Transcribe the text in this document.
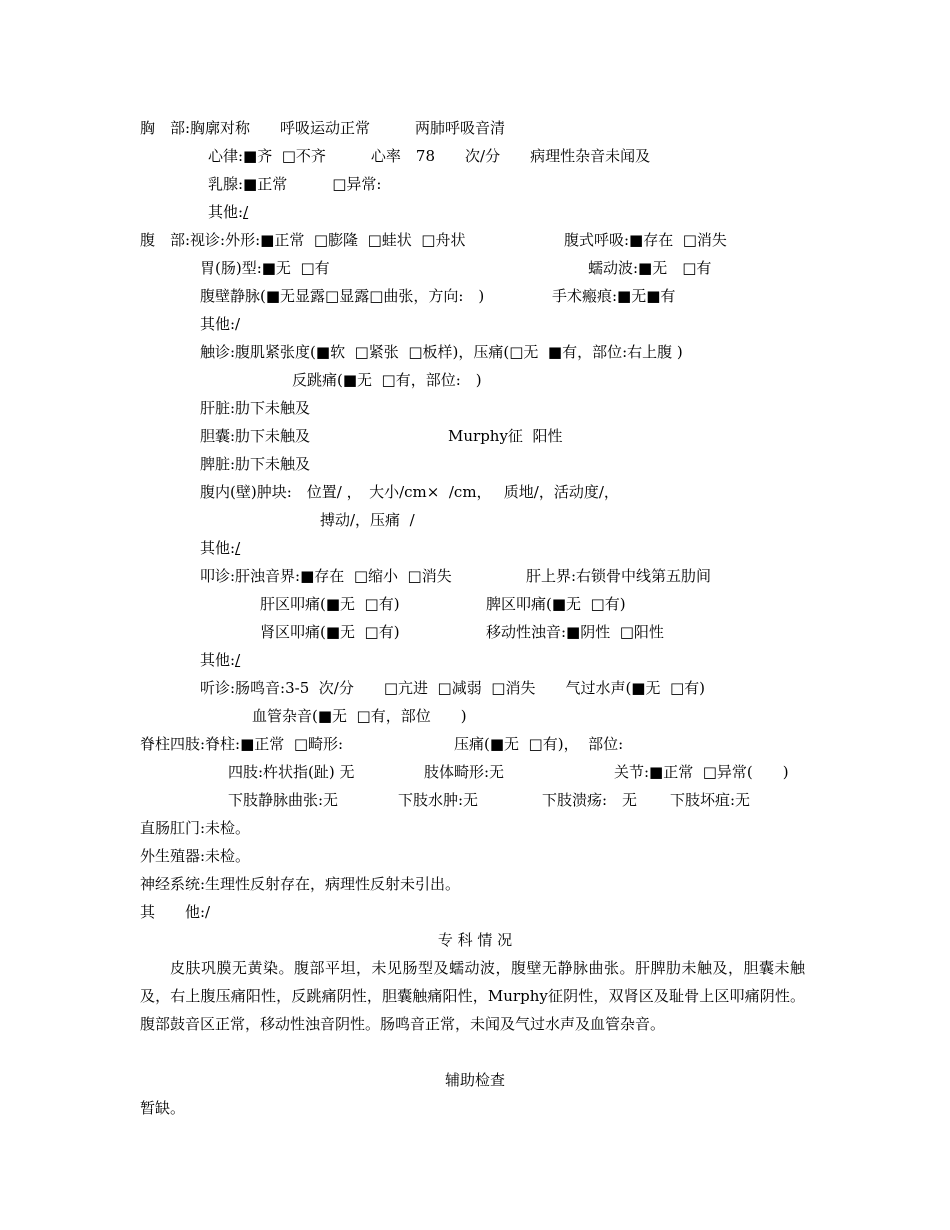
胸　部:胸廓对称　　呼吸运动正常　　　两肺呼吸音清
心律:■齐  □不齐　　　心率　78　　次/分　　病理性杂音未闻及
乳腺:■正常　　　□异常:
其他:/
腹　部:视诊:外形:■正常  □膨隆  □蛙状  □舟状	腹式呼吸:■存在  □消失
胃(肠)型:■无  □有	蠕动波:■无　□有
腹壁静脉(■无显露□显露□曲张，方向:　)	手术瘢痕:■无■有
其他:/
触诊:腹肌紧张度(■软  □紧张  □板样)，压痛(□无  ■有，部位:右上腹 )
反跳痛(■无  □有，部位:　)
肝脏:肋下未触及
胆囊:肋下未触及	Murphy征  阳性
脾脏:肋下未触及
腹内(壁)肿块:　位置/ ，　大小/cm×  /cm，　 质地/，活动度/，
搏动/，压痛  /
其他:/
叩诊:肝浊音界:■存在  □缩小  □消失	肝上界:右锁骨中线第五肋间
肝区叩痛(■无  □有)	脾区叩痛(■无  □有)
肾区叩痛(■无  □有)	移动性浊音:■阴性  □阳性
其他:/
听诊:肠鸣音:3-5  次/分　　□亢进  □减弱  □消失　　气过水声(■无  □有)
血管杂音(■无  □有，部位　　)
脊柱四肢:脊柱:■正常  □畸形:	压痛(■无  □有)，  部位:
四肢:杵状指(趾) 无	肢体畸形:无	关节:■正常  □异常(　　)
下肢静脉曲张:无	下肢水肿:无	下肢溃疡:　无 下肢坏疽:无
直肠肛门:未检。
外生殖器:未检。
神经系统:生理性反射存在，病理性反射未引出。
其　　他:/
专 科 情 况
皮肤巩膜无黄染。腹部平坦，未见肠型及蠕动波，腹壁无静脉曲张。肝脾肋未触及，胆囊未触及，右上腹压痛阳性，反跳痛阴性，胆囊触痛阳性，Murphy征阴性，双肾区及耻骨上区叩痛阴性。腹部鼓音区正常，移动性浊音阴性。肠鸣音正常，未闻及气过水声及血管杂音。
辅助检查
暂缺。
